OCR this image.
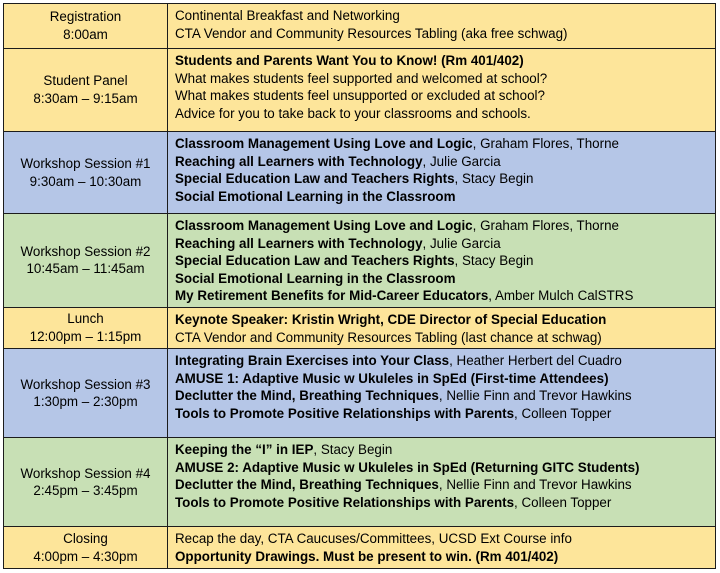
Registration
8:00am	Continental Breakfast and Networking
CTA Vendor and Community Resources Tabling (aka free schwag)

Student Panel
8:30am – 9:15am	Students and Parents Want You to Know! (Rm 401/402)
What makes students feel supported and welcomed at school?
What makes students feel unsupported or excluded at school?
Advice for you to take back to your classrooms and schools.

Workshop Session #1
9:30am – 10:30am	Classroom Management Using Love and Logic, Graham Flores, Thorne
Reaching all Learners with Technology, Julie Garcia
Special Education Law and Teachers Rights, Stacy Begin
Social Emotional Learning in the Classroom

Workshop Session #2
10:45am – 11:45am	Classroom Management Using Love and Logic, Graham Flores, Thorne
Reaching all Learners with Technology, Julie Garcia
Special Education Law and Teachers Rights, Stacy Begin
Social Emotional Learning in the Classroom
My Retirement Benefits for Mid-Career Educators, Amber Mulch CalSTRS

Lunch
12:00pm – 1:15pm	Keynote Speaker: Kristin Wright, CDE Director of Special Education
CTA Vendor and Community Resources Tabling (last chance at schwag)

Workshop Session #3
1:30pm – 2:30pm	Integrating Brain Exercises into Your Class, Heather Herbert del Cuadro
AMUSE 1: Adaptive Music w Ukuleles in SpEd (First-time Attendees)
Declutter the Mind, Breathing Techniques, Nellie Finn and Trevor Hawkins
Tools to Promote Positive Relationships with Parents, Colleen Topper

Workshop Session #4
2:45pm – 3:45pm	Keeping the “I” in IEP, Stacy Begin
AMUSE 2: Adaptive Music w Ukuleles in SpEd (Returning GITC Students)
Declutter the Mind, Breathing Techniques, Nellie Finn and Trevor Hawkins
Tools to Promote Positive Relationships with Parents, Colleen Topper

Closing
4:00pm – 4:30pm	Recap the day, CTA Caucuses/Committees, UCSD Ext Course info
Opportunity Drawings. Must be present to win. (Rm 401/402)
